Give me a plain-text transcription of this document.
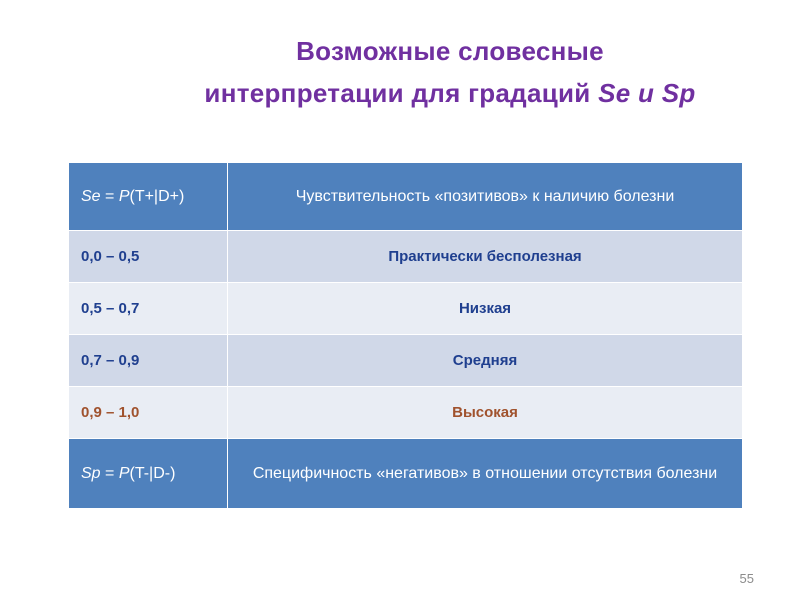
Возможные словесные
интерпретации для градаций Se и Sp
Se = P(T+|D+)	Чувствительность «позитивов» к наличию болезни
0,0 – 0,5	Практически бесполезная
0,5 – 0,7	Низкая
0,7 – 0,9	Средняя
0,9 – 1,0	Высокая
Sp = P(T-|D-)	Специфичность «негативов» в отношении отсутствия болезни
55
